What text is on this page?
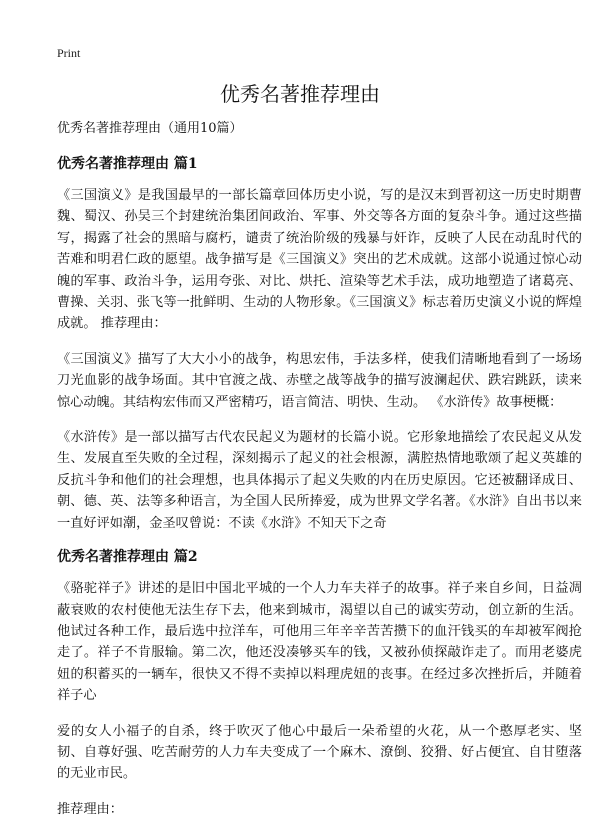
Print
优秀名著推荐理由

优秀名著推荐理由（通用10篇）

优秀名著推荐理由 篇1

《三国演义》是我国最早的一部长篇章回体历史小说，写的是汉末到晋初这一历史时期曹魏、蜀汉、孙吴三个封建统治集团间政治、军事、外交等各方面的复杂斗争。通过这些描写，揭露了社会的黑暗与腐朽，谴责了统治阶级的残暴与奸诈，反映了人民在动乱时代的苦难和明君仁政的愿望。战争描写是《三国演义》突出的艺术成就。这部小说通过惊心动魄的军事、政治斗争，运用夸张、对比、烘托、渲染等艺术手法，成功地塑造了诸葛亮、曹操、关羽、张飞等一批鲜明、生动的人物形象。《三国演义》标志着历史演义小说的辉煌成就。 推荐理由：

《三国演义》描写了大大小小的战争，构思宏伟，手法多样，使我们清晰地看到了一场场刀光血影的战争场面。其中官渡之战、赤壁之战等战争的描写波澜起伏、跌宕跳跃，读来惊心动魄。其结构宏伟而又严密精巧，语言简洁、明快、生动。 《水浒传》故事梗概：

《水浒传》是一部以描写古代农民起义为题材的长篇小说。它形象地描绘了农民起义从发生、发展直至失败的全过程，深刻揭示了起义的社会根源，满腔热情地歌颂了起义英雄的反抗斗争和他们的社会理想，也具体揭示了起义失败的内在历史原因。它还被翻译成日、朝、德、英、法等多种语言，为全国人民所捧爱，成为世界文学名著。《水浒》自出书以来一直好评如潮，金圣叹曾说：不读《水浒》不知天下之奇

优秀名著推荐理由 篇2

《骆驼祥子》讲述的是旧中国北平城的一个人力车夫祥子的故事。祥子来自乡间，日益凋蔽衰败的农村使他无法生存下去，他来到城市，渴望以自己的诚实劳动，创立新的生活。他试过各种工作，最后选中拉洋车，可他用三年辛辛苦苦攒下的血汗钱买的车却被军阀抢走了。祥子不肯服输。第二次，他还没凑够买车的钱，又被孙侦探敲诈走了。而用老婆虎妞的积蓄买的一辆车，很快又不得不卖掉以料理虎妞的丧事。在经过多次挫折后，并随着祥子心

爱的女人小福子的自杀，终于吹灭了他心中最后一朵希望的火花，从一个憨厚老实、坚韧、自尊好强、吃苦耐劳的人力车夫变成了一个麻木、潦倒、狡猾、好占便宜、自甘堕落的无业市民。

推荐理由：
